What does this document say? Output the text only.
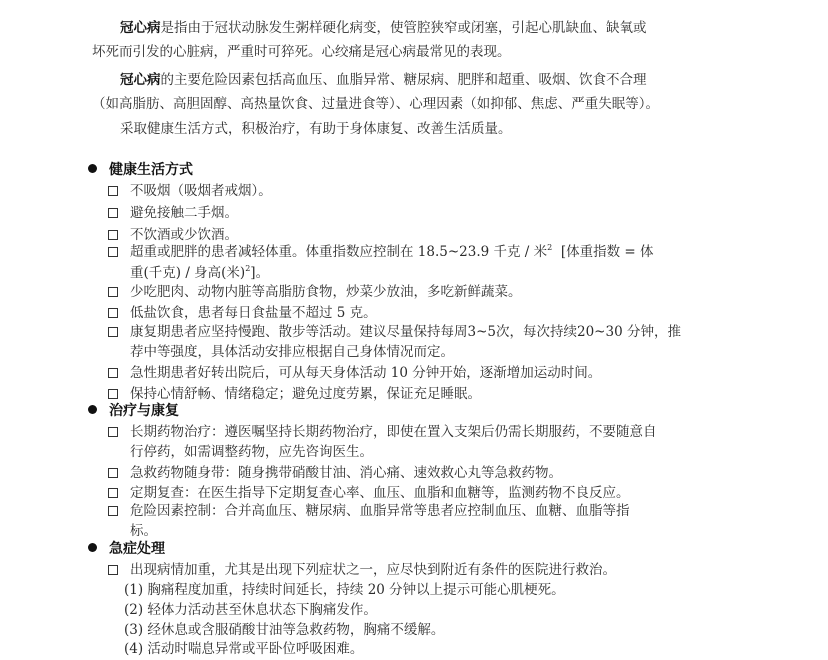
冠心病是指由于冠状动脉发生粥样硬化病变，使管腔狭窄或闭塞，引起心肌缺血、缺氧或
坏死而引发的心脏病，严重时可猝死。心绞痛是冠心病最常见的表现。
冠心病的主要危险因素包括高血压、血脂异常、糖尿病、肥胖和超重、吸烟、饮食不合理
（如高脂肪、高胆固醇、高热量饮食、过量进食等）、心理因素（如抑郁、焦虑、严重失眠等）。
采取健康生活方式，积极治疗，有助于身体康复、改善生活质量。
健康生活方式
不吸烟（吸烟者戒烟）。
避免接触二手烟。
不饮酒或少饮酒。
超重或肥胖的患者减轻体重。体重指数应控制在 18.5~23.9 千克 / 米$^2$ [体重指数 = 体
重(千克) / 身高(米)$^2$]。
少吃肥肉、动物内脏等高脂肪食物，炒菜少放油，多吃新鲜蔬菜。
低盐饮食，患者每日食盐量不超过 5 克。
康复期患者应坚持慢跑、散步等活动。建议尽量保持每周3~5次，每次持续20~30 分钟，推
荐中等强度，具体活动安排应根据自己身体情况而定。
急性期患者好转出院后，可从每天身体活动 10 分钟开始，逐渐增加运动时间。
保持心情舒畅、情绪稳定；避免过度劳累，保证充足睡眠。
治疗与康复
长期药物治疗：遵医嘱坚持长期药物治疗，即使在置入支架后仍需长期服药，不要随意自
行停药，如需调整药物，应先咨询医生。
急救药物随身带：随身携带硝酸甘油、消心痛、速效救心丸等急救药物。
定期复查：在医生指导下定期复查心率、血压、血脂和血糖等，监测药物不良反应。
危险因素控制：合并高血压、糖尿病、血脂异常等患者应控制血压、血糖、血脂等指
标。
急症处理
出现病情加重，尤其是出现下列症状之一，应尽快到附近有条件的医院进行救治。
(1) 胸痛程度加重，持续时间延长，持续 20 分钟以上提示可能心肌梗死。
(2) 轻体力活动甚至休息状态下胸痛发作。
(3) 经休息或含服硝酸甘油等急救药物，胸痛不缓解。
(4) 活动时喘息异常或平卧位呼吸困难。
